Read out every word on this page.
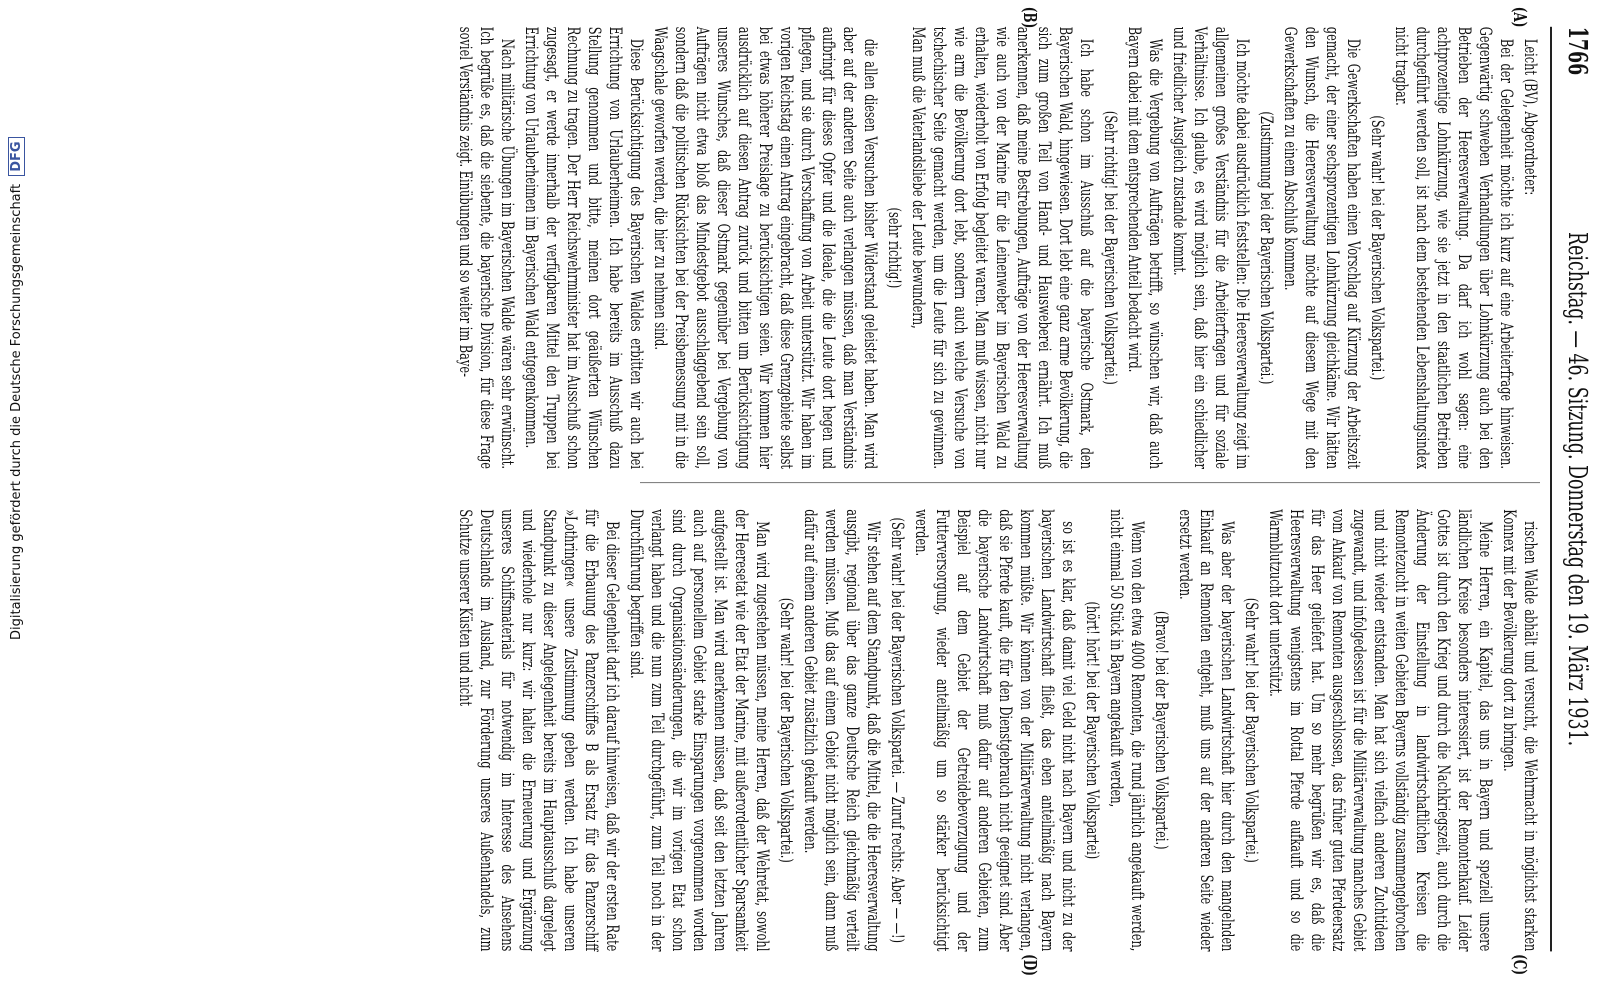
1766
Reichstag. — 46. Sitzung. Donnerstag den 19. März 1931.
(A)
(B)
(C)
(D)

Leicht (BV), Abgeordneter:

Bei der Gelegenheit möchte ich kurz auf eine Arbeiterfrage hinweisen. Gegenwärtig schweben Verhandlungen über Lohnkürzung auch bei den Betrieben der Heeresverwaltung. Da darf ich wohl sagen: eine achtprozentige Lohnkürzung, wie sie jetzt in den staatlichen Betrieben durchgeführt werden soll, ist nach dem bestehenden Lebenshaltungsindex nicht tragbar.

(Sehr wahr! bei der Bayerischen Volkspartei.)

Die Gewerkschaften haben einen Vorschlag auf Kürzung der Arbeitszeit gemacht, der einer sechsprozentigen Lohnkürzung gleichkäme. Wir hätten den Wunsch, die Heeresverwaltung möchte auf diesem Wege mit den Gewerkschaften zu einem Abschluß kommen.

(Zustimmung bei der Bayerischen Volkspartei.)

Ich möchte dabei ausdrücklich feststellen: Die Heeresverwaltung zeigt im allgemeinen großes Verständnis für die Arbeiterfragen und für soziale Verhältnisse. Ich glaube, es wird möglich sein, daß hier ein schiedlicher und friedlicher Ausgleich zustande kommt.

Was die Vergebung von Aufträgen betrifft, so wünschen wir, daß auch Bayern dabei mit dem entsprechenden Anteil bedacht wird.

(Sehr richtig! bei der Bayerischen Volkspartei.)

Ich habe schon im Ausschuß auf die bayerische Ostmark, den Bayerischen Wald, hingewiesen. Dort lebt eine ganz arme Bevölkerung, die sich zum großen Teil von Hand- und Hausweberei ernährt. Ich muß anerkennen, daß meine Bestrebungen, Aufträge von der Heeresverwaltung wie auch von der Marine für die Leinenweber im Bayerischen Wald zu erhalten, wiederholt von Erfolg begleitet waren. Man muß wissen, nicht nur wie arm die Bevölkerung dort lebt, sondern auch welche Versuche von tschechischer Seite gemacht werden, um die Leute für sich zu gewinnen. Man muß die Vaterlandsliebe der Leute bewundern,

(sehr richtig!)

die allen diesen Versuchen bisher Widerstand geleistet haben. Man wird aber auf der anderen Seite auch verlangen müssen, daß man Verständnis aufbringt für dieses Opfer und die Ideale, die die Leute dort hegen und pflegen, und sie durch Verschaffung von Arbeit unterstützt. Wir haben im vorigen Reichstag einen Antrag eingebracht, daß diese Grenzgebiete selbst bei etwas höherer Preislage zu berücksichtigen seien. Wir kommen hier ausdrücklich auf diesen Antrag zurück und bitten um Berücksichtigung unseres Wunsches, daß dieser Ostmark gegenüber bei Vergebung von Aufträgen nicht etwa bloß das Mindestgebot ausschlaggebend sein soll, sondern daß die politischen Rücksichten bei der Preisbemessung mit in die Waagschale geworfen werden, die hier zu nehmen sind.

Diese Berücksichtigung des Bayerischen Waldes erbitten wir auch bei Errichtung von Urlauberheimen. Ich habe bereits im Ausschuß dazu Stellung genommen und bitte, meinen dort geäußerten Wünschen Rechnung zu tragen. Der Herr Reichswehrminister hat im Ausschuß schon zugesagt, er werde innerhalb der verfügbaren Mittel den Truppen bei Errichtung von Urlauberheimen im Bayerischen Wald entgegenkommen.

Nach militärische Übungen im Bayerischen Walde wären sehr erwünscht. Ich begrüße es, daß die siebente, die bayerische Division, für diese Frage soviel Verständnis zeigt. Einübungen und so weiter im Baye-

rischen Walde abhält und versucht, die Wehrmacht in möglichst starken Konnex mit der Bevölkerung dort zu bringen.

Meine Herren, ein Kapitel, das uns in Bayern und speziell unsere ländlichen Kreise besonders interessiert, ist der Remontenkauf. Leider Gottes ist durch den Krieg und durch die Nachkriegszeit, auch durch die Änderung der Einstellung in landwirtschaftlichen Kreisen die Remontezucht in weiten Gebieten Bayerns vollständig zusammengebrochen und nicht wieder entstanden. Man hat sich vielfach anderen Zuchtideen zugewandt, und infolgedessen ist für die Militärverwaltung manches Gebiet vom Ankauf von Remonten ausgeschlossen, das früher guten Pferdeersatz für das Heer geliefert hat. Um so mehr begrüßen wir es, daß die Heeresverwaltung wenigstens im Rottal Pferde aufkauft und so die Warmblutzucht dort unterstützt.

(Sehr wahr! bei der Bayerischen Volkspartei.)

Was aber der bayerischen Landwirtschaft hier durch den mangelnden Einkauf an Remonten entgeht, muß uns auf der anderen Seite wieder ersetzt werden.

(Bravo! bei der Bayerischen Volkspartei.)

Wenn von den etwa 4000 Remonten, die rund jährlich angekauft werden, nicht einmal 50 Stück in Bayern angekauft werden,

(hört! hört! bei der Bayerischen Volkspartei)

so ist es klar, daß damit viel Geld nicht nach Bayern und nicht zu der bayerischen Landwirtschaft fließt, das eben anteilmäßig nach Bayern kommen müßte. Wir können von der Militärverwaltung nicht verlangen, daß sie Pferde kauft, die für den Dienstgebrauch nicht geeignet sind. Aber die bayerische Landwirtschaft muß dafür auf anderen Gebieten, zum Beispiel auf dem Gebiet der Getreidebevorzugung und der Futterversorgung, wieder anteilmäßig um so stärker berücksichtigt werden.

(Sehr wahr! bei der Bayerischen Volkspartei. — Zuruf rechts: Aber — —!)

Wir stehen auf dem Standpunkt, daß die Mittel, die die Heeresverwaltung ausgibt, regional über das ganze Deutsche Reich gleichmäßig verteilt werden müssen. Muß das auf einem Gebiet nicht möglich sein, dann muß dafür auf einem anderen Gebiet zusätzlich gekauft werden.

(Sehr wahr! bei der Bayerischen Volkspartei.)

Man wird zugestehen müssen, meine Herren, daß der Wehretat, sowohl der Heeresetat wie der Etat der Marine, mit außerordentlicher Sparsamkeit aufgestellt ist. Man wird anerkennen müssen, daß seit den letzten Jahren auch auf personellem Gebiet starke Einsparungen vorgenommen worden sind durch Organisationsänderungen, die wir im vorigen Etat schon verlangt haben und die nun zum Teil durchgeführt, zum Teil noch in der Durchführung begriffen sind.

Bei dieser Gelegenheit darf ich darauf hinweisen, daß wir der ersten Rate für die Erbauung des Panzerschiffes B als Ersatz für das Panzerschiff »Lothringen« unsere Zustimmung geben werden. Ich habe unseren Standpunkt zu dieser Angelegenheit bereits im Hauptausschuß dargelegt und wiederhole nur kurz: wir halten die Erneuerung und Ergänzung unseres Schiffsmaterials für notwendig im Interesse des Ansehens Deutschlands im Ausland, zur Förderung unseres Außenhandels, zum Schutze unserer Küsten und nicht

Digitalisierung gefördert durch die Deutsche Forschungsgemeinschaft DFG
